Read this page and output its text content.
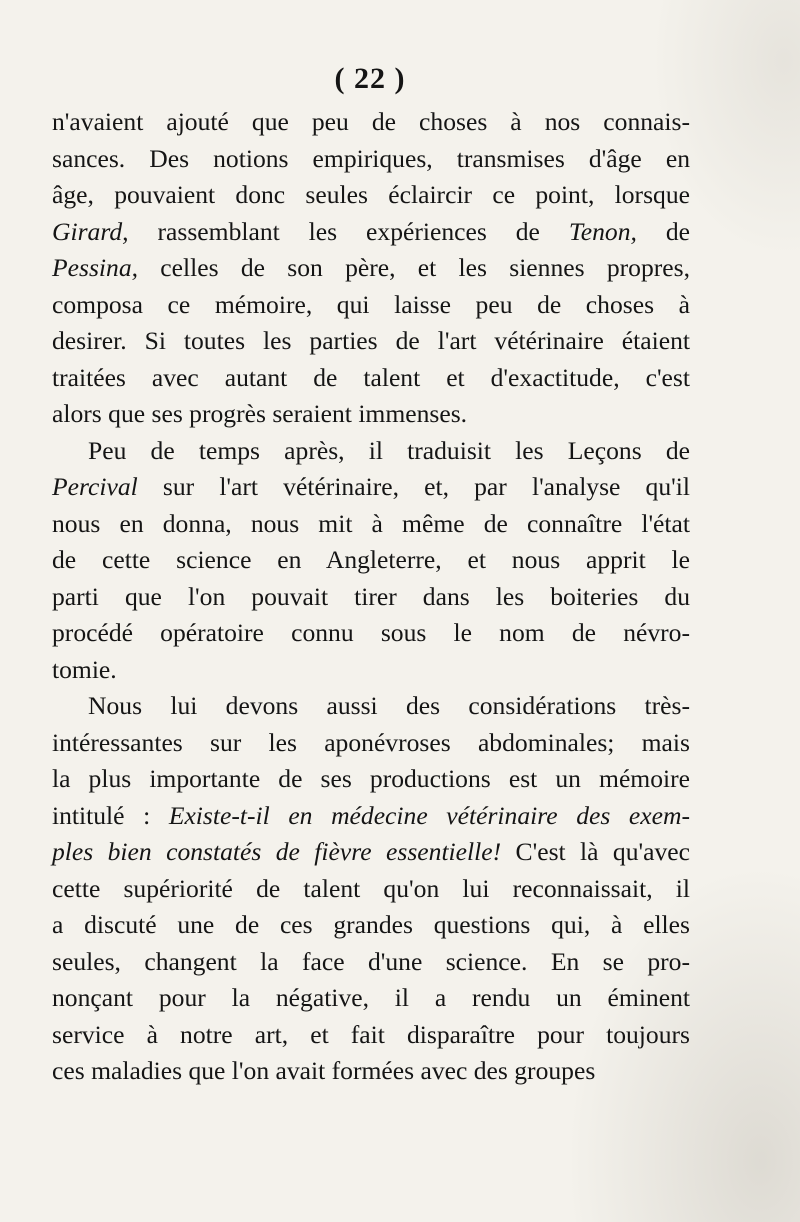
( 22 )
n'avaient ajouté que peu de choses à nos connais-
sances. Des notions empiriques, transmises d'âge en
âge, pouvaient donc seules éclaircir ce point, lorsque
Girard, rassemblant les expériences de Tenon, de
Pessina, celles de son père, et les siennes propres,
composa ce mémoire, qui laisse peu de choses à
desirer. Si toutes les parties de l'art vétérinaire étaient
traitées avec autant de talent et d'exactitude, c'est
alors que ses progrès seraient immenses.
Peu de temps après, il traduisit les Leçons de
Percival sur l'art vétérinaire, et, par l'analyse qu'il
nous en donna, nous mit à même de connaître l'état
de cette science en Angleterre, et nous apprit le
parti que l'on pouvait tirer dans les boiteries du
procédé opératoire connu sous le nom de névro-
tomie.
Nous lui devons aussi des considérations très-
intéressantes sur les aponévroses abdominales; mais
la plus importante de ses productions est un mémoire
intitulé : Existe-t-il en médecine vétérinaire des exem-
ples bien constatés de fièvre essentielle! C'est là qu'avec
cette supériorité de talent qu'on lui reconnaissait, il
a discuté une de ces grandes questions qui, à elles
seules, changent la face d'une science. En se pro-
nonçant pour la négative, il a rendu un éminent
service à notre art, et fait disparaître pour toujours
ces maladies que l'on avait formées avec des groupes
